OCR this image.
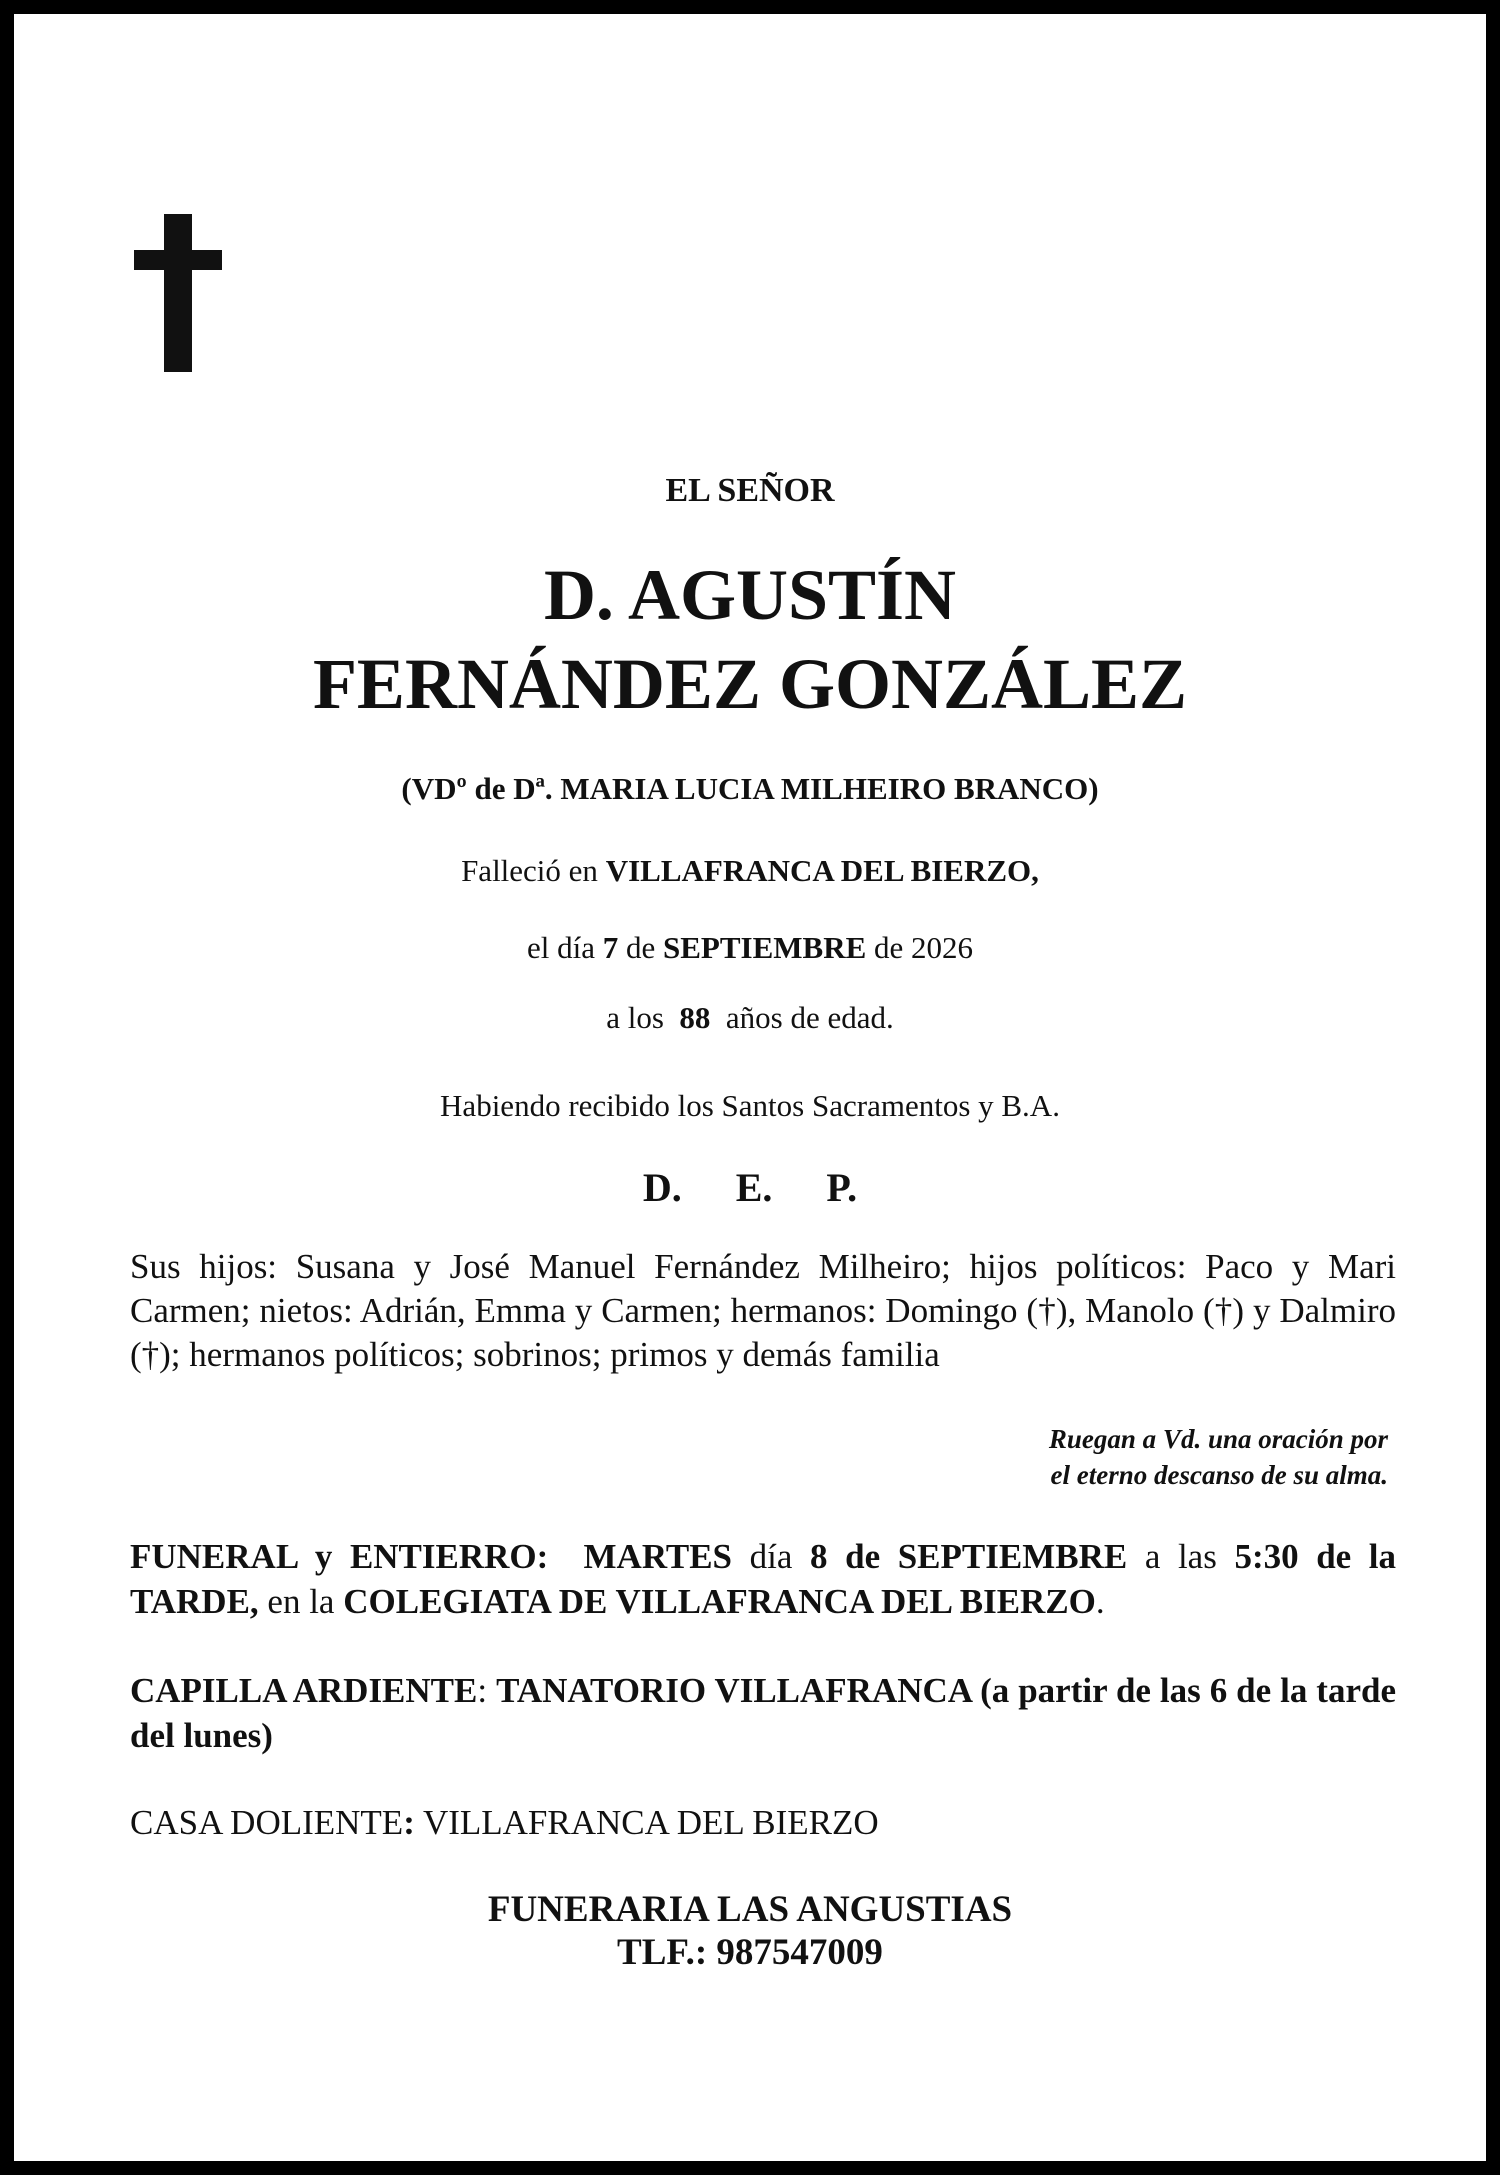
EL SEÑOR
D. AGUSTÍN
FERNÁNDEZ GONZÁLEZ
(VDº de Dª. MARIA LUCIA MILHEIRO BRANCO)
Falleció en VILLAFRANCA DEL BIERZO,
el día 7 de SEPTIEMBRE de 2026
a los 88 años de edad.
Habiendo recibido los Santos Sacramentos y B.A.
D. E. P.
Sus hijos: Susana y José Manuel Fernández Milheiro; hijos políticos: Paco y Mari Carmen; nietos: Adrián, Emma y Carmen; hermanos: Domingo (†), Manolo (†) y Dalmiro (†); hermanos políticos; sobrinos; primos y demás familia
Ruegan a Vd. una oración por
el eterno descanso de su alma.
FUNERAL y ENTIERRO: MARTES día 8 de SEPTIEMBRE a las 5:30 de la TARDE, en la COLEGIATA DE VILLAFRANCA DEL BIERZO.
CAPILLA ARDIENTE: TANATORIO VILLAFRANCA (a partir de las 6 de la tarde del lunes)
CASA DOLIENTE: VILLAFRANCA DEL BIERZO
FUNERARIA LAS ANGUSTIAS
TLF.: 987547009
